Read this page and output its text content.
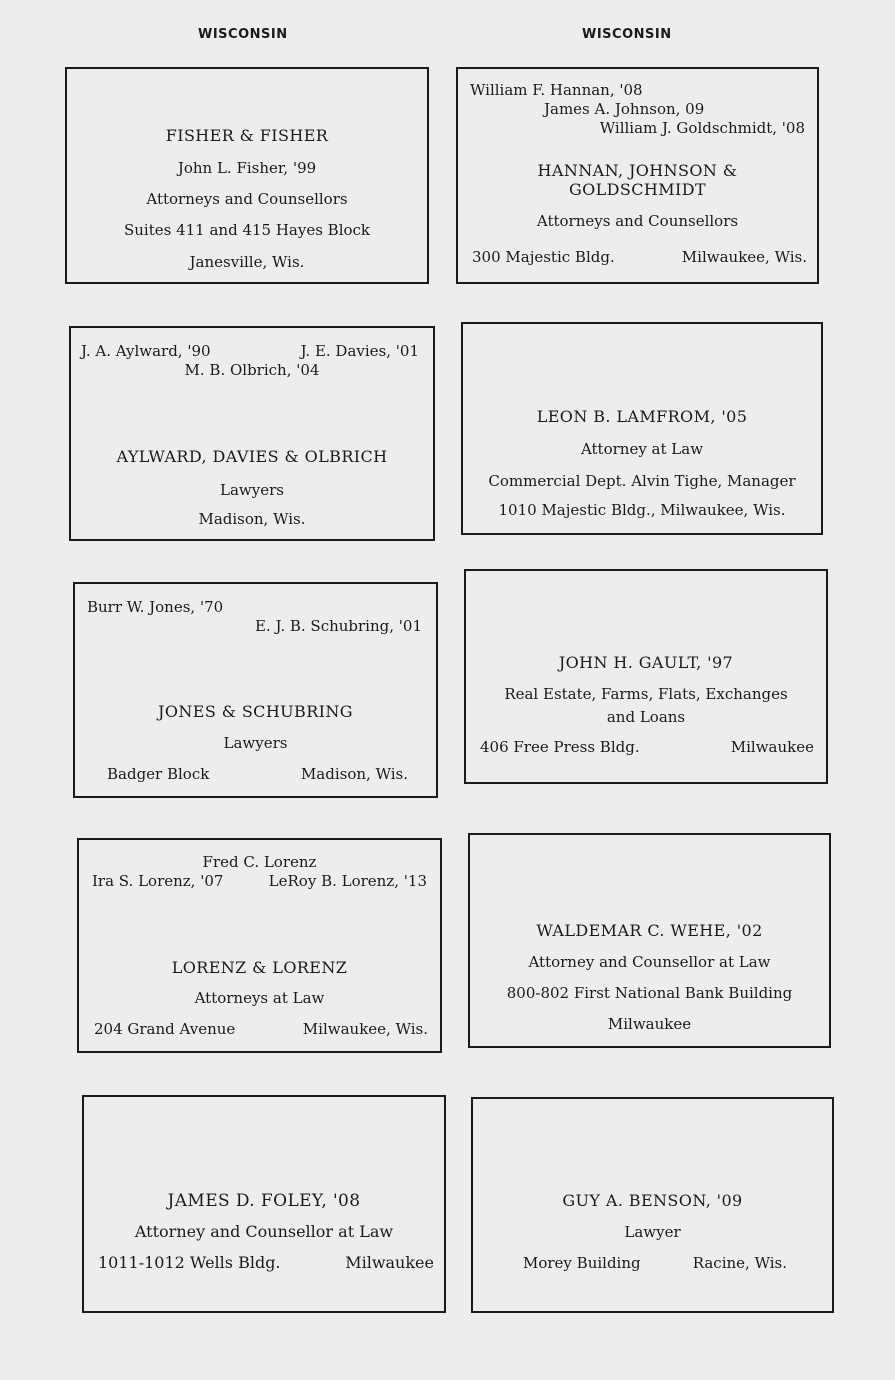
WISCONSIN	WISCONSIN
FISHER & FISHER
John L. Fisher, '99
Attorneys and Counsellors
Suites 411 and 415 Hayes Block
Janesville, Wis.
William F. Hannan, '08
James A. Johnson, 09
William J. Goldschmidt, '08
HANNAN, JOHNSON &
GOLDSCHMIDT
Attorneys and Counsellors
300 Majestic Bldg.	Milwaukee, Wis.
J. A. Aylward, '90	J. E. Davies, '01
M. B. Olbrich, '04
AYLWARD, DAVIES & OLBRICH
Lawyers
Madison, Wis.
LEON B. LAMFROM, '05
Attorney at Law
Commercial Dept. Alvin Tighe, Manager
1010 Majestic Bldg., Milwaukee, Wis.
Burr W. Jones, '70
E. J. B. Schubring, '01
JONES & SCHUBRING
Lawyers
Badger Block	Madison, Wis.
JOHN H. GAULT, '97
Real Estate, Farms, Flats, Exchanges
and Loans
406 Free Press Bldg.	Milwaukee
Fred C. Lorenz
Ira S. Lorenz, '07	LeRoy B. Lorenz, '13
LORENZ & LORENZ
Attorneys at Law
204 Grand Avenue	Milwaukee, Wis.
WALDEMAR C. WEHE, '02
Attorney and Counsellor at Law
800-802 First National Bank Building
Milwaukee
JAMES D. FOLEY, '08
Attorney and Counsellor at Law
1011-1012 Wells Bldg.	Milwaukee
GUY A. BENSON, '09
Lawyer
Morey Building	Racine, Wis.
